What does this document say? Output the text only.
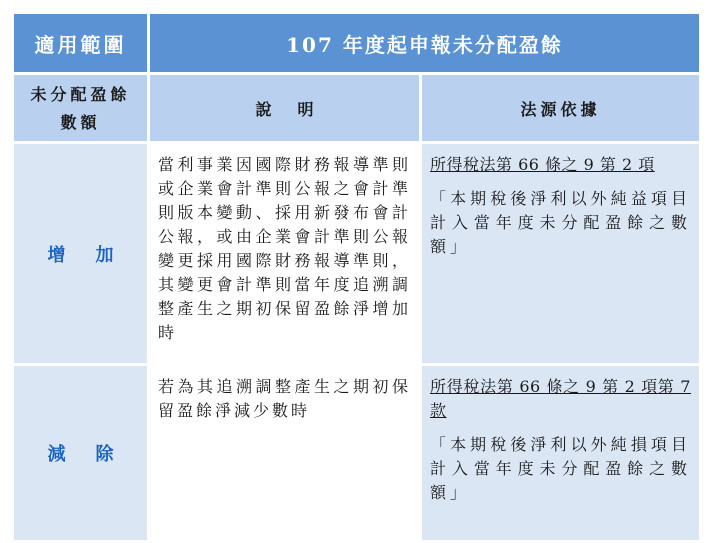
適用範圍	107 年度起申報未分配盈餘	
未分配盈餘
數額	說明	法源依據
增加	當利事業因國際財務報導準則或企業會計準則公報之會計準則版本變動、採用新發布會計公報，或由企業會計準則公報變更採用國際財務報導準則，其變更會計準則當年度追溯調整產生之期初保留盈餘淨增加時	所得稅法第 66 條之 9 第 2 項
「本期稅後淨利以外純益項目計入當年度未分配盈餘之數額」

減除	若為其追溯調整產生之期初保留盈餘淨減少數時	所得稅法第 66 條之 9 第 2 項第 7 款
「本期稅後淨利以外純損項目計入當年度未分配盈餘之數額」
